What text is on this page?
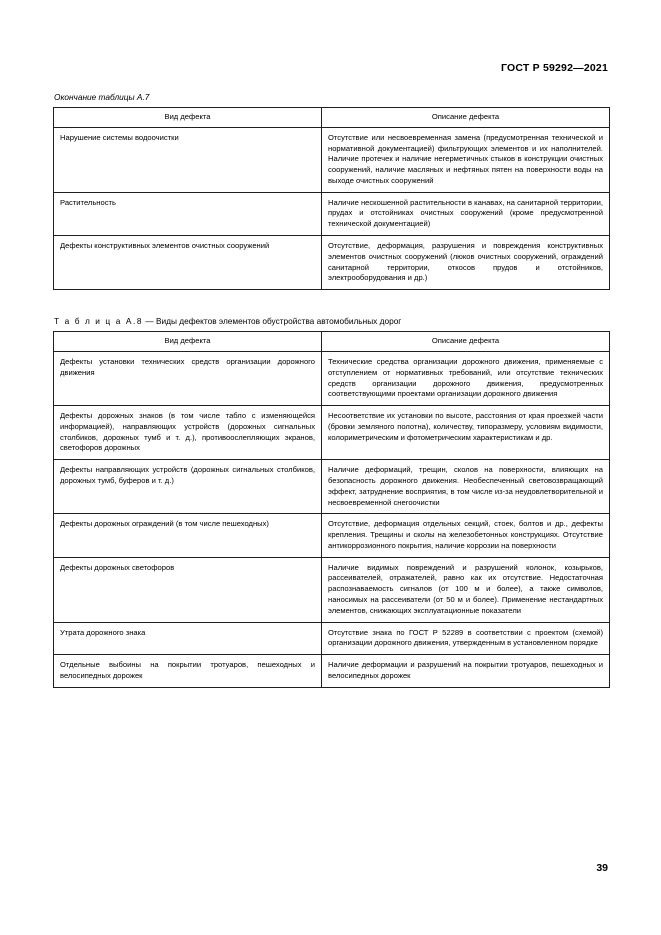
ГОСТ Р 59292—2021
Окончание таблицы А.7
Вид дефекта	Описание дефекта
Нарушение системы водоочистки	Отсутствие или несвоевременная замена (предусмотренная технической и нормативной документацией) фильтрующих элементов и их наполнителей. Наличие протечек и наличие негерметичных стыков в конструкции очистных сооружений, наличие масляных и нефтяных пятен на поверхности воды на выходе очистных сооружений
Растительность	Наличие нескошенной растительности в канавах, на санитарной территории, прудах и отстойниках очистных сооружений (кроме предусмотренной технической документацией)
Дефекты конструктивных элементов очистных сооружений	Отсутствие, деформация, разрушения и повреждения конструктивных элементов очистных сооружений (люков очистных сооружений, ограждений санитарной территории, откосов прудов и отстойников, электрооборудования и др.)
Т а б л и ц а А.8 — Виды дефектов элементов обустройства автомобильных дорог
Вид дефекта	Описание дефекта
Дефекты установки технических средств организации дорожного движения	Технические средства организации дорожного движения, применяемые с отступлением от нормативных требований, или отсутствие технических средств организации дорожного движения, предусмотренных соответствующими проектами организации дорожного движения
Дефекты дорожных знаков (в том числе табло с изменяющейся информацией), направляющих устройств (дорожных сигнальных столбиков, дорожных тумб и т. д.), противоослепляющих экранов, светофоров дорожных	Несоответствие их установки по высоте, расстояния от края проезжей части (бровки земляного полотна), количеству, типоразмеру, условиям видимости, колориметрическим и фотометрическим характеристикам и др.
Дефекты направляющих устройств (дорожных сигнальных столбиков, дорожных тумб, буферов и т. д.)	Наличие деформаций, трещин, сколов на поверхности, влияющих на безопасность дорожного движения. Необеспеченный световозвращающий эффект, затруднение восприятия, в том числе из-за неудовлетворительной и несвоевременной снегоочистки
Дефекты дорожных ограждений (в том числе пешеходных)	Отсутствие, деформация отдельных секций, стоек, болтов и др., дефекты крепления. Трещины и сколы на железобетонных конструкциях. Отсутствие антикоррозионного покрытия, наличие коррозии на поверхности
Дефекты дорожных светофоров	Наличие видимых повреждений и разрушений колонок, козырьков, рассеивателей, отражателей, равно как их отсутствие. Недостаточная распознаваемость сигналов (от 100 м и более), а также символов, наносимых на рассеиватели (от 50 м и более). Применение нестандартных элементов, снижающих эксплуатационные показатели
Утрата дорожного знака	Отсутствие знака по ГОСТ Р 52289 в соответствии с проектом (схемой) организации дорожного движения, утвержденным в установленном порядке
Отдельные выбоины на покрытии тротуаров, пешеходных и велосипедных дорожек	Наличие деформации и разрушений на покрытии тротуаров, пешеходных и велосипедных дорожек
39
